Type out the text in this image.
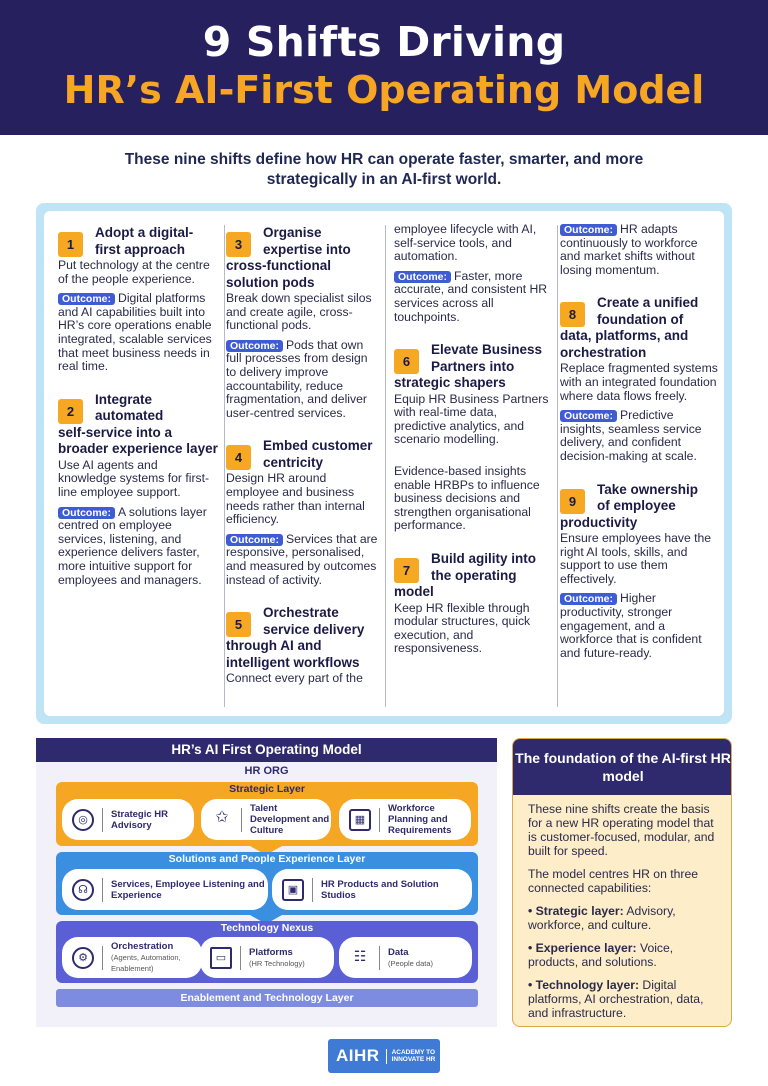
9 Shifts Driving
HR’s AI-First Operating Model
These nine shifts define how HR can operate faster, smarter, and more strategically in an AI-first world.
1
Adopt a digital-
first approach

Put technology at the centre of the people experience.

Outcome: Digital platforms and AI capabilities built into HR’s core operations enable integrated, scalable services that meet business needs in real time.

2
Integrate
automated
self-service into a broader experience layer

Use AI agents and knowledge systems for first-line employee support.

Outcome: A solutions layer centred on employee services, listening, and experience delivers faster, more intuitive support for employees and managers.

3
Organise
expertise into
cross-functional solution pods

Break down specialist silos and create agile, cross-functional pods.

Outcome: Pods that own full processes from design to delivery improve accountability, reduce fragmentation, and deliver user-centred services.

4
Embed customer
centricity

Design HR around employee and business needs rather than internal efficiency.

Outcome: Services that are responsive, personalised, and measured by outcomes instead of activity.

5
Orchestrate
service delivery
through AI and intelligent workflows

Connect every part of the

employee lifecycle with AI, self-service tools, and automation.

Outcome: Faster, more accurate, and consistent HR services across all touchpoints.

6
Elevate Business
Partners into
strategic shapers

Equip HR Business Partners with real-time data, predictive analytics, and scenario modelling.

Evidence-based insights enable HRBPs to influence business decisions and strengthen organisational performance.

7
Build agility into
the operating
model

Keep HR flexible through modular structures, quick execution, and responsiveness.

Outcome: HR adapts continuously to workforce and market shifts without losing momentum.

8
Create a unified
foundation of
data, platforms, and orchestration

Replace fragmented systems with an integrated foundation where data flows freely.

Outcome: Predictive insights, seamless service delivery, and confident decision-making at scale.

9
Take ownership
of employee
productivity

Ensure employees have the right AI tools, skills, and support to use them effectively.

Outcome: Higher productivity, stronger engagement, and a workforce that is confident and future-ready.

HR’s AI First Operating Model
HR ORG
Strategic Layer
◎	Strategic HR Advisory	✩	Talent Development and Culture
▦
Workforce Planning and Requirements
Solutions and People Experience Layer
☊	Services, Employee Listening and Experience	▣	HR Products and Solution Studios
Technology Nexus
⚙
Orchestration
(Agents, Automation, Enablement)
▭	Platforms
(HR Technology)	☷	Data
(People data)
Enablement and Technology Layer
The foundation of the AI-first HR model

These nine shifts create the basis for a new HR operating model that is customer-focused, modular, and built for speed.

The model centres HR on three connected capabilities:

• Strategic layer: Advisory, workforce, and culture.

• Experience layer: Voice, products, and solutions.

• Technology layer: Digital platforms, AI orchestration, data, and infrastructure.

AIHR	ACADEMY TO INNOVATE HR
